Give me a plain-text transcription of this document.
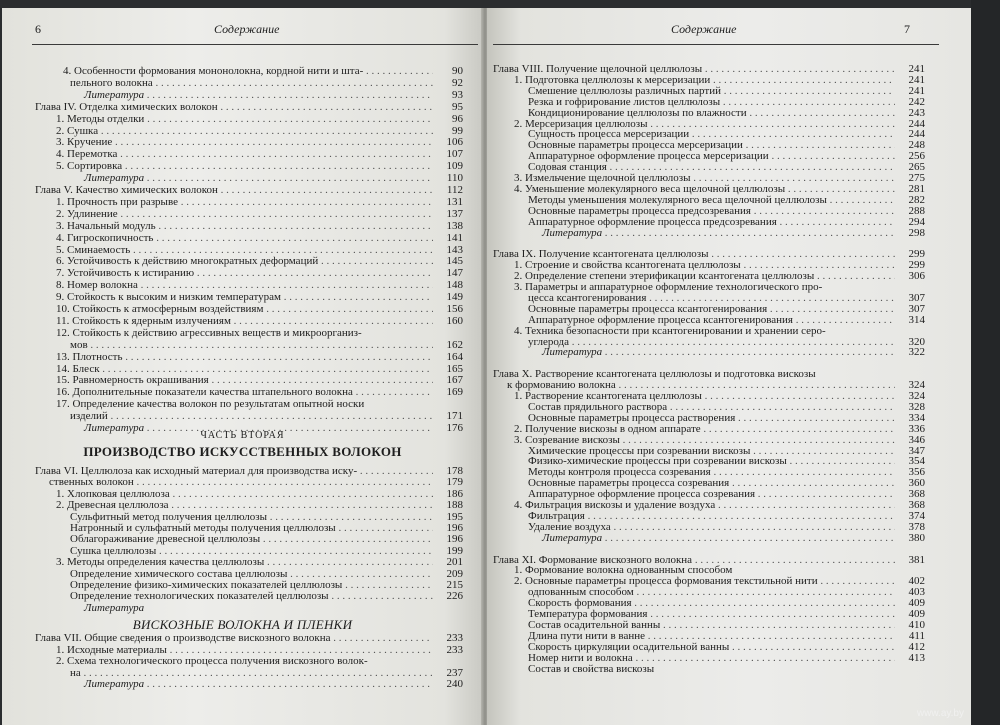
6	Содержание
4. Особенности формования мононолокна, кордной нити и шта- . . .	90
пельного волокна . . .	92
Литература . . .	93
Глава IV. Отделка химических волокон . . .	95
1. Методы отделки . . .	96
2. Сушка . . .	99
3. Кручение . . .	106
4. Перемотка . . .	107
5. Сортировка . . .	109
Литература . . .	110
Глава V. Качество химических волокон . . .	112
1. Прочность при разрыве . . .	131
2. Удлинение . . .	137
3. Начальный модуль . . .	138
4. Гигроскопичность . . .	141
5. Сминаемость . . .	143
6. Устойчивость к действию многократных деформаций . . .	145
7. Устойчивость к истиранию . . .	147
8. Номер волокна . . .	148
9. Стойкость к высоким и низким температурам . . .	149
10. Стойкость к атмосферным воздействиям . . .	156
11. Стойкость к ядерным излучениям . . .	160
12. Стойкость к действию агрессивных веществ и микроорганиз-
мов . . .	162
13. Плотность . . .	164
14. Блеск . . .	165
15. Равномерность окрашивания . . .	167
16. Дополнительные показатели качества штапельного волокна . . .	169
17. Определение качества волокон по результатам опытной носки
изделий . . .	171
Литература . . .	176
ЧАСТЬ ВТОРАЯ
ПРОИЗВОДСТВО ИСКУССТВЕННЫХ ВОЛОКОН
Глава VI. Целлюлоза как исходный материал для производства иску- . . .	178
ственных волокон . . .	179
1. Хлопковая целлюлоза . . .	186
2. Древесная целлюлоза . . .	188
Сульфитный метод получения целлюлозы . . .	195
Натронный и сульфатный методы получения целлюлозы . . .	196
Облагораживание древесной целлюлозы . . .	196
Сушка целлюлозы . . .	199
3. Методы определения качества целлюлозы . . .	201
Определение химического состава целлюлозы . . .	209
Определение физико-химических показателей целлюлозы . . .	215
Определение технологических показателей целлюлозы . . .	226
Литература
ВИСКОЗНЫЕ ВОЛОКНА И ПЛЕНКИ
Глава VII. Общие сведения о производстве вискозного волокна . . .	233
1. Исходные материалы . . .	233
2. Схема технологического процесса получения вискозного волок-
на . . .	237
Литература . . .	240
Содержание	7
Глава VIII. Получение щелочной целлюлозы . . .	241
1. Подготовка целлюлозы к мерсеризации . . .	241
Смешение целлюлозы различных партий . . .	241
Резка и гофрирование листов целлюлозы . . .	242
Кондиционирование целлюлозы по влажности . . .	243
2. Мерсеризация целлюлозы . . .	244
Сущность процесса мерсеризации . . .	244
Основные параметры процесса мерсеризации . . .	248
Аппаратурное оформление процесса мерсеризации . . .	256
Содовая станция . . .	265
3. Измельчение щелочной целлюлозы . . .	275
4. Уменьшение молекулярного веса щелочной целлюлозы . . .	281
Методы уменьшения молекулярного веса щелочной целлюлозы . . .	282
Основные параметры процесса предсозревания . . .	288
Аппаратурное оформление процесса предсозревания . . .	294
Литература . . .	298
Глава IX. Получение ксантогената целлюлозы . . .	299
1. Строение и свойства ксантогената целлюлозы . . .	299
2. Определение степени этерификации ксантогената целлюлозы . . .	306
3. Параметры и аппаратурное оформление технологического про-
цесса ксантогенирования . . .	307
Основные параметры процесса ксантогенирования . . .	307
Аппаратурное оформление процесса ксантогенирования . . .	314
4. Техника безопасности при ксантогенировании и хранении серо-
углерода . . .	320
Литература . . .	322
Глава X. Растворение ксантогената целлюлозы и подготовка вискозы
к формованию волокна . . .	324
1. Растворение ксантогената целлюлозы . . .	324
Состав прядильного раствора . . .	328
Основные параметры процесса растворения . . .	334
2. Получение вискозы в одном аппарате . . .	336
3. Созревание вискозы . . .	346
Химические процессы при созревании вискозы . . .	347
Физико-химические процессы при созревании вискозы . . .	354
Методы контроля процесса созревания . . .	356
Основные параметры процесса созревания . . .	360
Аппаратурное оформление процесса созревания . . .	368
4. Фильтрация вискозы и удаление воздуха . . .	368
Фильтрация . . .	374
Удаление воздуха . . .	378
Литература . . .	380
Глава XI. Формование вискозного волокна . . .	381
1. Формование волокна однованным способом
2. Основные параметры процесса формования текстильной нити . . .	402
одпованным способом . . .	403
Скорость формования . . .	409
Температура формования . . .	409
Состав осадительной ванны . . .	410
Длина пути нити в ванне . . .	411
Скорость циркуляции осадительной ванны . . .	412
Номер нити и волокна . . .	413
Состав и свойства вискозы
www.ay.by
